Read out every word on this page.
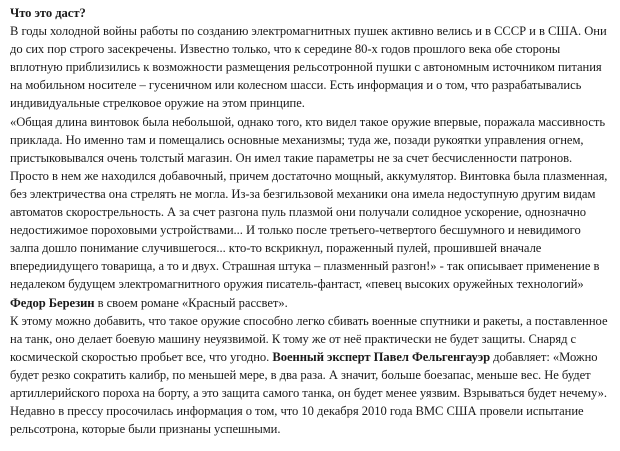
Что это даст?

В годы холодной войны работы по созданию электромагнитных пушек активно велись и в СССР и в США. Они до сих пор строго засекречены. Известно только, что к середине 80-х годов прошлого века обе стороны вплотную приблизились к возможности размещения рельсотронной пушки с автономным источником питания на мобильном носителе – гусеничном или колесном шасси. Есть информация и о том, что разрабатывались индивидуальные стрелковое оружие на этом принципе.

«Общая длина винтовок была небольшой, однако того, кто видел такое оружие впервые, поражала массивность приклада. Но именно там и помещались основные механизмы; туда же, позади рукоятки управления огнем, пристыковывался очень толстый магазин. Он имел такие параметры не за счет бесчисленности патронов. Просто в нем же находился добавочный, причем достаточно мощный, аккумулятор. Винтовка была плазменная, без электричества она стрелять не могла. Из-за безгильзовой механики она имела недоступную другим видам автоматов скорострельность. А за счет разгона пуль плазмой они получали солидное ускорение, однозначно недостижимое пороховыми устройствами... И только после третьего-четвертого бесшумного и невидимого залпа дошло понимание случившегося... кто-то вскрикнул, пораженный пулей, прошившей вначале впередиидущего товарища, а то и двух. Страшная штука – плазменный разгон!» - так описывает применение в недалеком будущем электромагнитного оружия писатель-фантаст, «певец высоких оружейных технологий» Федор Березин в своем романе «Красный рассвет».

К этому можно добавить, что такое оружие способно легко сбивать военные спутники и ракеты, а поставленное на танк, оно делает боевую машину неуязвимой. К тому же от неё практически не будет защиты. Снаряд с космической скоростью пробьет все, что угодно. Военный эксперт Павел Фельгенгауэр добавляет: «Можно будет резко сократить калибр, по меньшей мере, в два раза. А значит, больше боезапас, меньше вес. Не будет артиллерийского пороха на борту, а это защита самого танка, он будет менее уязвим. Взрываться будет нечему».

Недавно в прессу просочилась информация о том, что 10 декабря 2010 года ВМС США провели испытание рельсотрона, которые были признаны успешными.
